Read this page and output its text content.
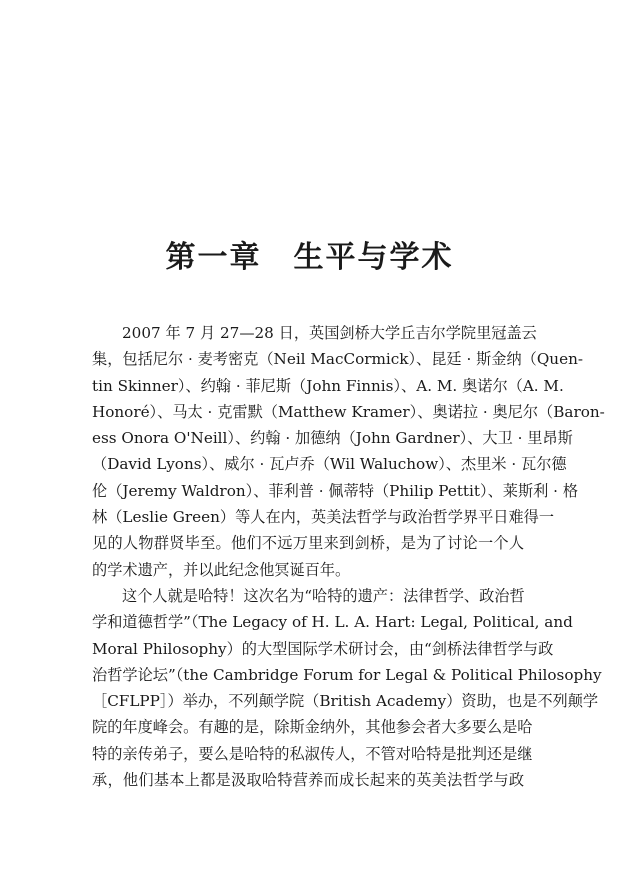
第一章　生平与学术
2007 年 7 月 27—28 日，英国剑桥大学丘吉尔学院里冠盖云
集，包括尼尔 · 麦考密克（Neil MacCormick）、昆廷 · 斯金纳（Quen-
tin Skinner）、约翰 · 菲尼斯（John Finnis）、A. M. 奥诺尔（A. M.
Honoré）、马太 · 克雷默（Matthew Kramer）、奥诺拉 · 奥尼尔（Baron-
ess Onora O'Neill）、约翰 · 加德纳（John Gardner）、大卫 · 里昂斯
（David Lyons）、威尔 · 瓦卢乔（Wil Waluchow）、杰里米 · 瓦尔德
伦（Jeremy Waldron）、菲利普 · 佩蒂特（Philip Pettit）、莱斯利 · 格
林（Leslie Green）等人在内，英美法哲学与政治哲学界平日难得一
见的人物群贤毕至。他们不远万里来到剑桥，是为了讨论一个人
的学术遗产，并以此纪念他冥诞百年。
这个人就是哈特！这次名为“哈特的遗产：法律哲学、政治哲
学和道德哲学”（The Legacy of H. L. A. Hart: Legal, Political, and
Moral Philosophy）的大型国际学术研讨会，由“剑桥法律哲学与政
治哲学论坛”（the Cambridge Forum for Legal & Political Philosophy
［CFLPP］）举办，不列颠学院（British Academy）资助，也是不列颠学
院的年度峰会。有趣的是，除斯金纳外，其他参会者大多要么是哈
特的亲传弟子，要么是哈特的私淑传人，不管对哈特是批判还是继
承，他们基本上都是汲取哈特营养而成长起来的英美法哲学与政
